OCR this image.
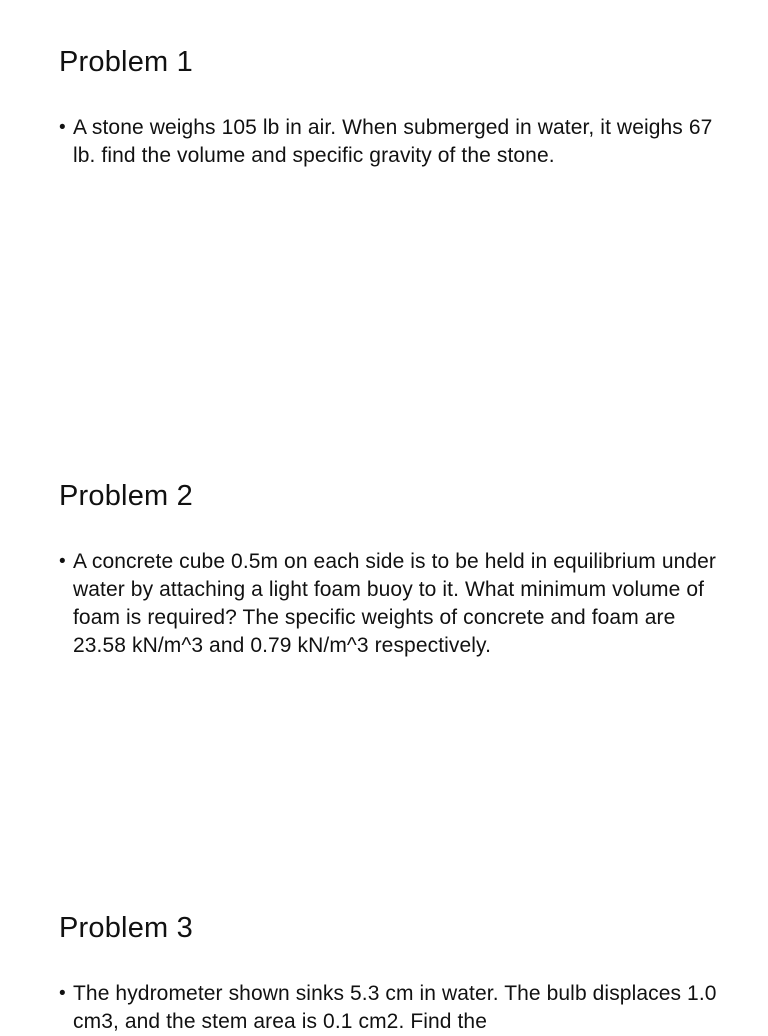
Problem 1
• A stone weighs 105 lb in air. When submerged in water, it weighs 67 lb. find the volume and specific gravity of the stone.
Problem 2
• A concrete cube 0.5m on each side is to be held in equilibrium under water by attaching a light foam buoy to it. What minimum volume of foam is required? The specific weights of concrete and foam are 23.58 kN/m^3 and 0.79 kN/m^3 respectively.
Problem 3
• The hydrometer shown sinks 5.3 cm in water. The bulb displaces 1.0 cm3, and the stem area is 0.1 cm2. Find the
